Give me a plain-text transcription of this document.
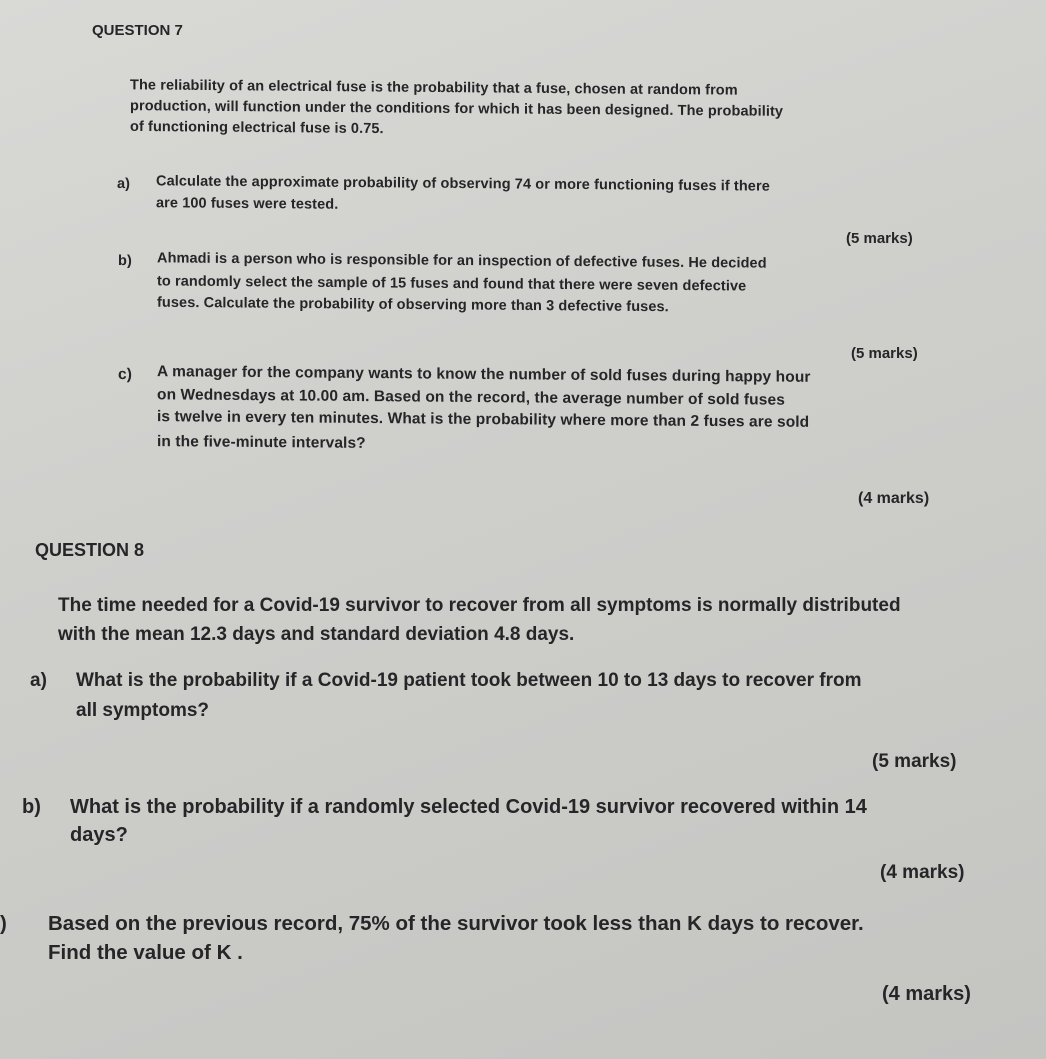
QUESTION 7
The reliability of an electrical fuse is the probability that a fuse, chosen at random from
production, will function under the conditions for which it has been designed. The probability
of functioning electrical fuse is 0.75.
a) Calculate the approximate probability of observing 74 or more functioning fuses if there
are 100 fuses were tested.
(5 marks)
b) Ahmadi is a person who is responsible for an inspection of defective fuses. He decided
to randomly select the sample of 15 fuses and found that there were seven defective
fuses. Calculate the probability of observing more than 3 defective fuses.
(5 marks)
c) A manager for the company wants to know the number of sold fuses during happy hour
on Wednesdays at 10.00 am. Based on the record, the average number of sold fuses
is twelve in every ten minutes. What is the probability where more than 2 fuses are sold
in the five-minute intervals?
(4 marks)
QUESTION 8
The time needed for a Covid-19 survivor to recover from all symptoms is normally distributed
with the mean 12.3 days and standard deviation 4.8 days.
a) What is the probability if a Covid-19 patient took between 10 to 13 days to recover from
all symptoms?
(5 marks)
b) What is the probability if a randomly selected Covid-19 survivor recovered within 14
days?
(4 marks)
) Based on the previous record, 75% of the survivor took less than K days to recover.
Find the value of K .
(4 marks)
